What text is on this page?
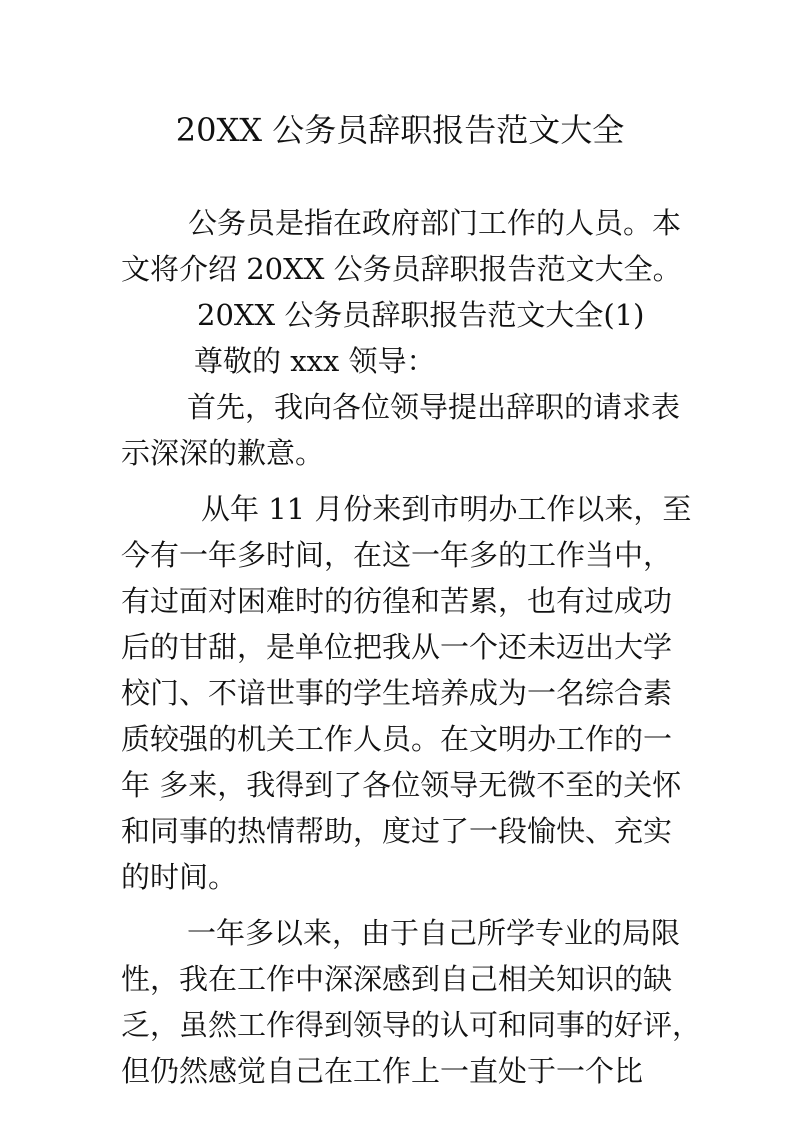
20XX 公务员辞职报告范文大全
公务员是指在政府部门工作的人员。本
文将介绍 20XX 公务员辞职报告范文大全。
20XX 公务员辞职报告范文大全(1)
尊敬的 xxx 领导：
首先，我向各位领导提出辞职的请求表
示深深的歉意。
从年 11 月份来到市明办工作以来，至
今有一年多时间，在这一年多的工作当中，
有过面对困难时的彷徨和苦累，也有过成功
后的甘甜，是单位把我从一个还未迈出大学
校门、不谙世事的学生培养成为一名综合素
质较强的机关工作人员。在文明办工作的一
年 多来，我得到了各位领导无微不至的关怀
和同事的热情帮助，度过了一段愉快、充实
的时间。
一年多以来，由于自己所学专业的局限
性，我在工作中深深感到自己相关知识的缺
乏，虽然工作得到领导的认可和同事的好评，
但仍然感觉自己在工作上一直处于一个比
